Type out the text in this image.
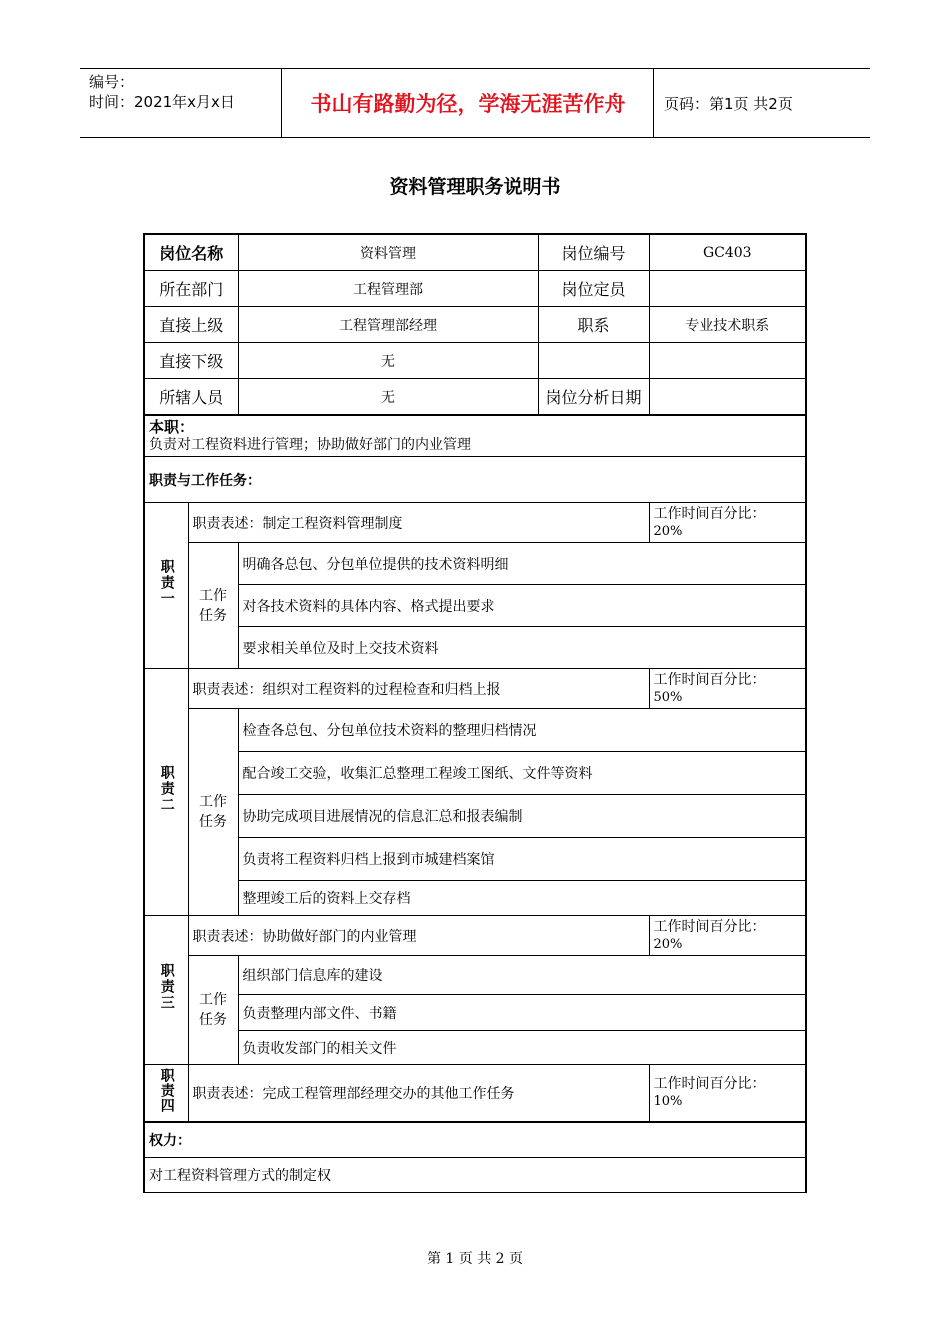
编号：
时间：2021年x月x日	书山有路勤为径，学海无涯苦作舟	页码：第1页 共2页
资料管理职务说明书
岗位名称		资料管理	岗位编号	GC403
所在部门		工程管理部	岗位定员	
直接上级		工程管理部经理	职系	专业技术职系
直接下级		无		
所辖人员		无	岗位分析日期	

本职：
负责对工程资料进行管理；协助做好部门的内业管理				

职责与工作任务：				
职责一	职责表述：制定工程资料管理制度			工作时间百分比：
20%

	工作任务	明确各总包、分包单位提供的技术资料明细		
		对各技术资料的具体内容、格式提出要求		
		要求相关单位及时上交技术资料		
职责二	职责表述：组织对工程资料的过程检查和归档上报			工作时间百分比：
50%

	工作任务	检查各总包、分包单位技术资料的整理归档情况		
		配合竣工交验，收集汇总整理工程竣工图纸、文件等资料		
		协助完成项目进展情况的信息汇总和报表编制		
		负责将工程资料归档上报到市城建档案馆		
		整理竣工后的资料上交存档		
职责三	职责表述：协助做好部门的内业管理			工作时间百分比：
20%

	工作任务	组织部门信息库的建设		
		负责整理内部文件、书籍		
		负责收发部门的相关文件		
职责四	职责表述：完成工程管理部经理交办的其他工作任务			工作时间百分比：
10%

权力：				
对工程资料管理方式的制定权				
第 1 页 共 2 页
